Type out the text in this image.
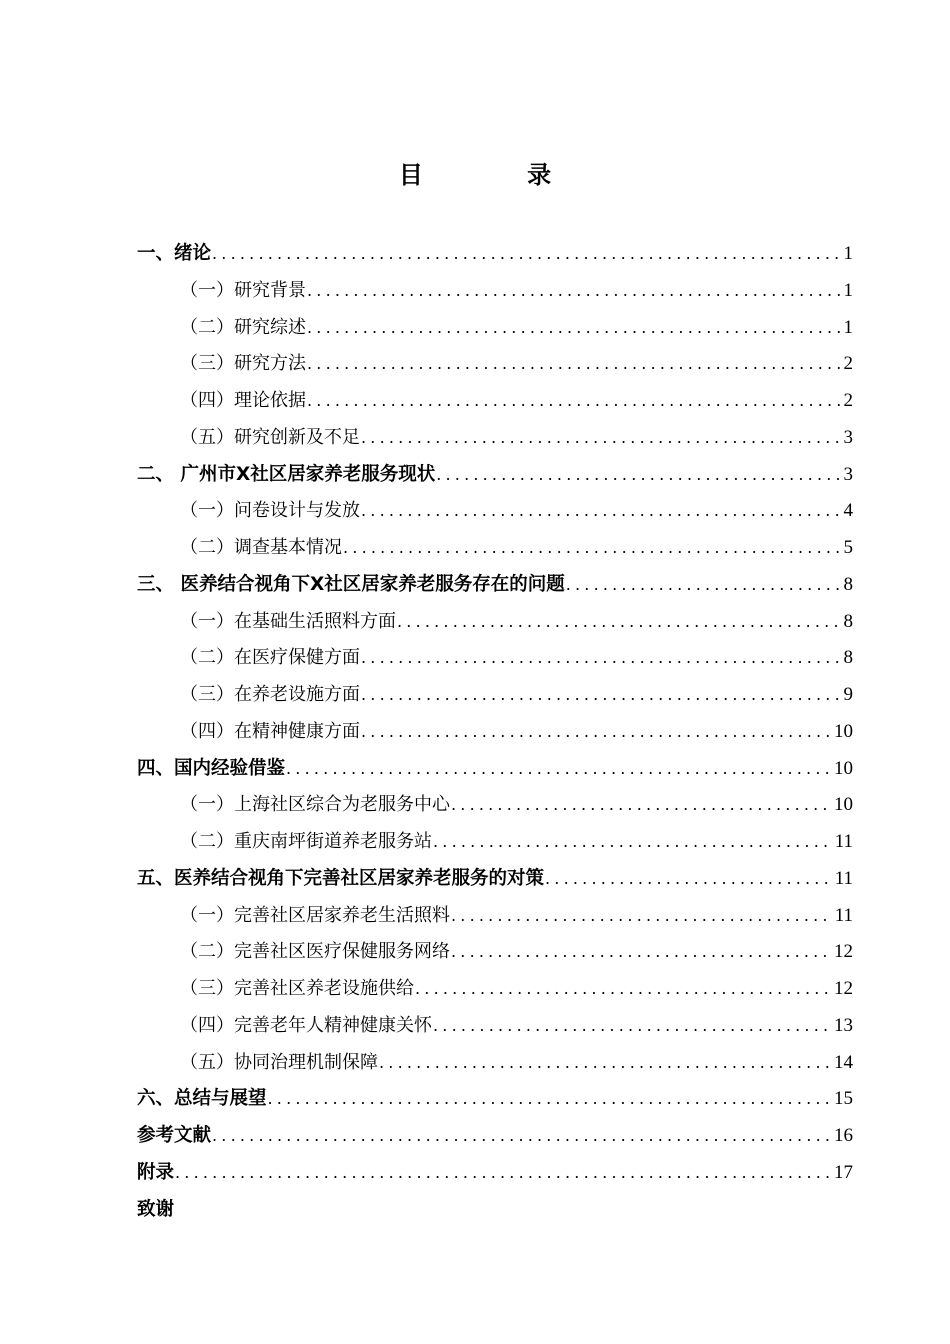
目 录
一、绪论 .....	1
（一）研究背景 .....	1
（二）研究综述 .....	1
（三）研究方法 .....	2
（四）理论依据 .....	2
（五）研究创新及不足 .....	3
二、 广州市X社区居家养老服务现状 .....	3
（一）问卷设计与发放 .....	4
（二）调查基本情况 .....	5
三、 医养结合视角下X社区居家养老服务存在的问题 .....	8
（一）在基础生活照料方面 .....	8
（二）在医疗保健方面 .....	8
（三）在养老设施方面 .....	9
（四）在精神健康方面 .....	10
四、国内经验借鉴 .....	10
（一）上海社区综合为老服务中心 .....	10
（二）重庆南坪街道养老服务站 .....	11
五、医养结合视角下完善社区居家养老服务的对策 .....	11
（一）完善社区居家养老生活照料 .....	11
（二）完善社区医疗保健服务网络 .....	12
（三）完善社区养老设施供给 .....	12
（四）完善老年人精神健康关怀 .....	13
（五）协同治理机制保障 .....	14
六、总结与展望 .....	15
参考文献 .....	16
附录 .....	17
致谢
